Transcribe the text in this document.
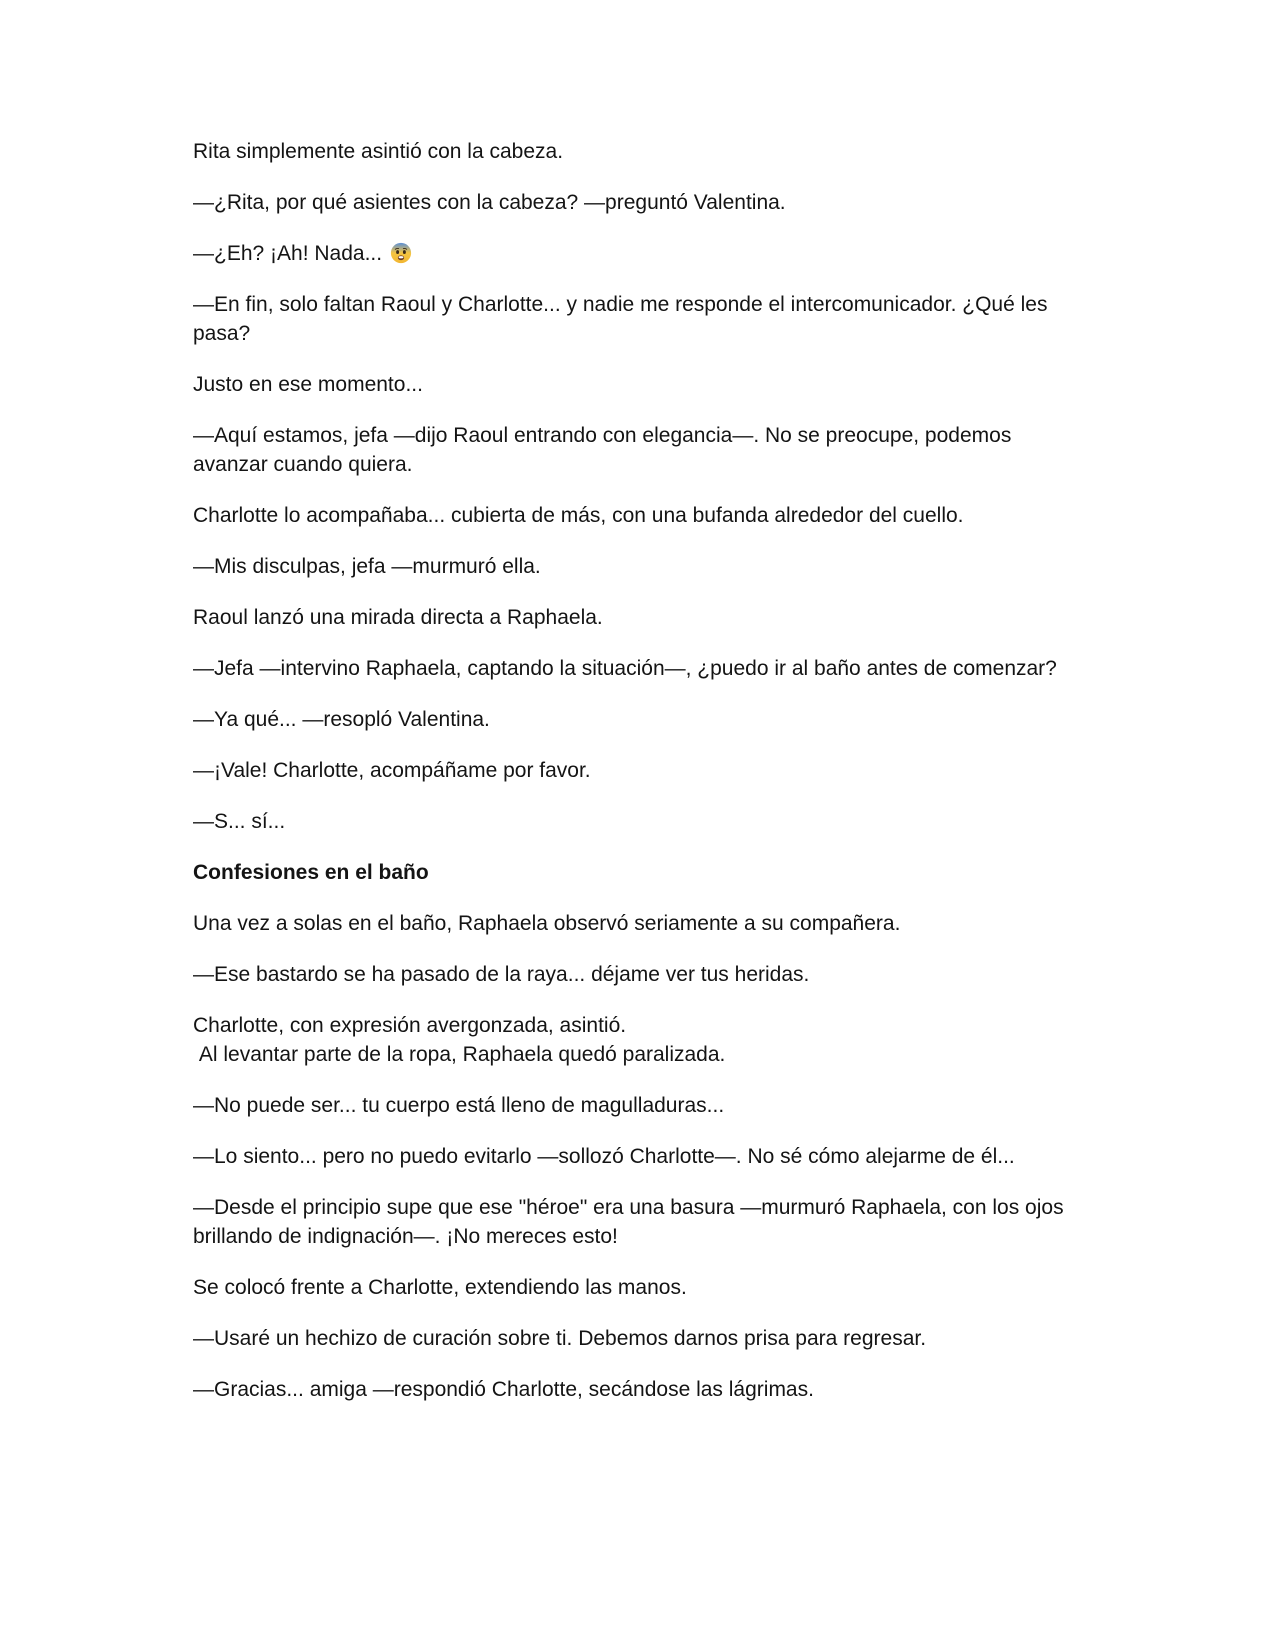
Rita simplemente asintió con la cabeza.

—¿Rita, por qué asientes con la cabeza? —preguntó Valentina.

—¿Eh? ¡Ah! Nada...

—En fin, solo faltan Raoul y Charlotte... y nadie me responde el intercomunicador. ¿Qué les pasa?

Justo en ese momento...

—Aquí estamos, jefa —dijo Raoul entrando con elegancia—. No se preocupe, podemos avanzar cuando quiera.

Charlotte lo acompañaba... cubierta de más, con una bufanda alrededor del cuello.

—Mis disculpas, jefa —murmuró ella.

Raoul lanzó una mirada directa a Raphaela.

—Jefa —intervino Raphaela, captando la situación—, ¿puedo ir al baño antes de comenzar?

—Ya qué... —resopló Valentina.

—¡Vale! Charlotte, acompáñame por favor.

—S... sí...

Confesiones en el baño

Una vez a solas en el baño, Raphaela observó seriamente a su compañera.

—Ese bastardo se ha pasado de la raya... déjame ver tus heridas.

Charlotte, con expresión avergonzada, asintió.
Al levantar parte de la ropa, Raphaela quedó paralizada.

—No puede ser... tu cuerpo está lleno de magulladuras...

—Lo siento... pero no puedo evitarlo —sollozó Charlotte—. No sé cómo alejarme de él...

—Desde el principio supe que ese "héroe" era una basura —murmuró Raphaela, con los ojos brillando de indignación—. ¡No mereces esto!

Se colocó frente a Charlotte, extendiendo las manos.

—Usaré un hechizo de curación sobre ti. Debemos darnos prisa para regresar.

—Gracias... amiga —respondió Charlotte, secándose las lágrimas.
